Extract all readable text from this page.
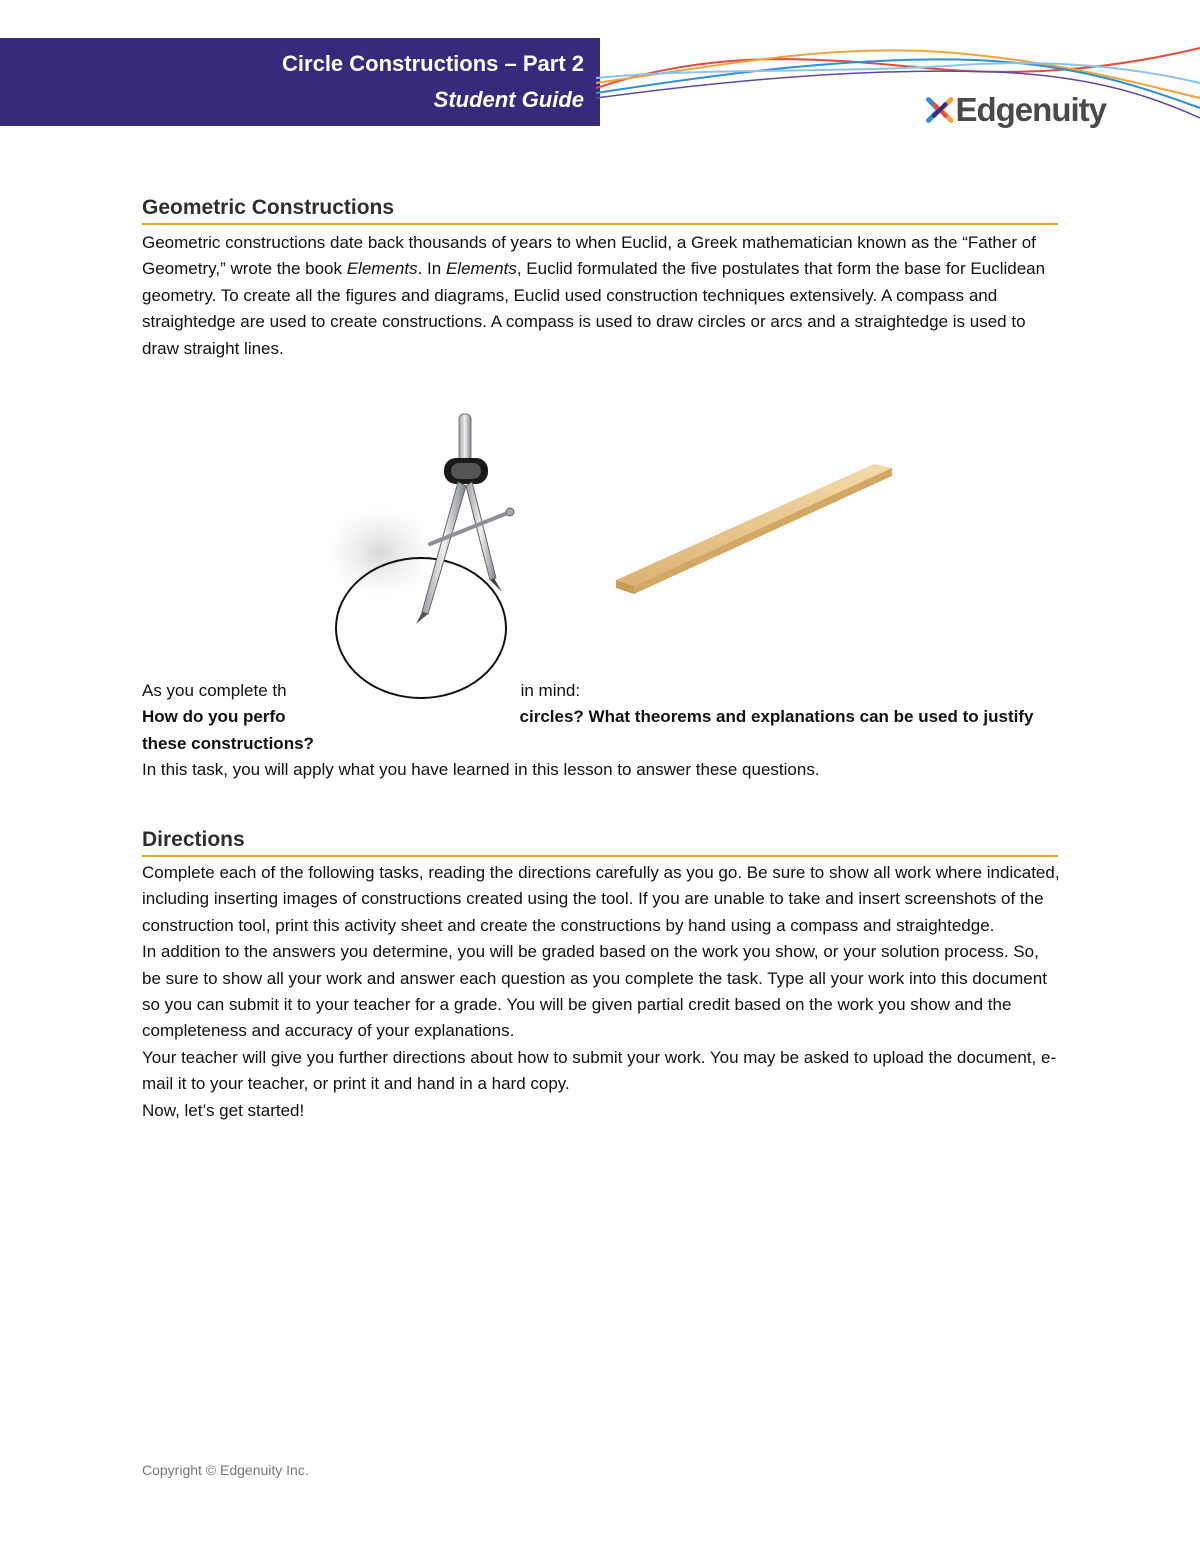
Circle Constructions – Part 2
Student Guide	Edgenuity
Geometric Constructions
Geometric constructions date back thousands of years to when Euclid, a Greek mathematician known as the “Father of Geometry,” wrote the book Elements. In Elements, Euclid formulated the five postulates that form the base for Euclidean geometry. To create all the figures and diagrams, Euclid used construction techniques extensively. A compass and straightedge are used to create constructions. A compass is used to draw circles or arcs and a straightedge is used to draw straight lines.
As you complete th	in mind:
How do you perfo	circles? What theorems and explanations can be used to justify these constructions?
In this task, you will apply what you have learned in this lesson to answer these questions.
Directions
Complete each of the following tasks, reading the directions carefully as you go. Be sure to show all work where indicated, including inserting images of constructions created using the tool. If you are unable to take and insert screenshots of the construction tool, print this activity sheet and create the constructions by hand using a compass and straightedge.
In addition to the answers you determine, you will be graded based on the work you show, or your solution process. So, be sure to show all your work and answer each question as you complete the task. Type all your work into this document so you can submit it to your teacher for a grade. You will be given partial credit based on the work you show and the completeness and accuracy of your explanations.
Your teacher will give you further directions about how to submit your work. You may be asked to upload the document, e-mail it to your teacher, or print it and hand in a hard copy.
Now, let’s get started!
Copyright © Edgenuity Inc.
